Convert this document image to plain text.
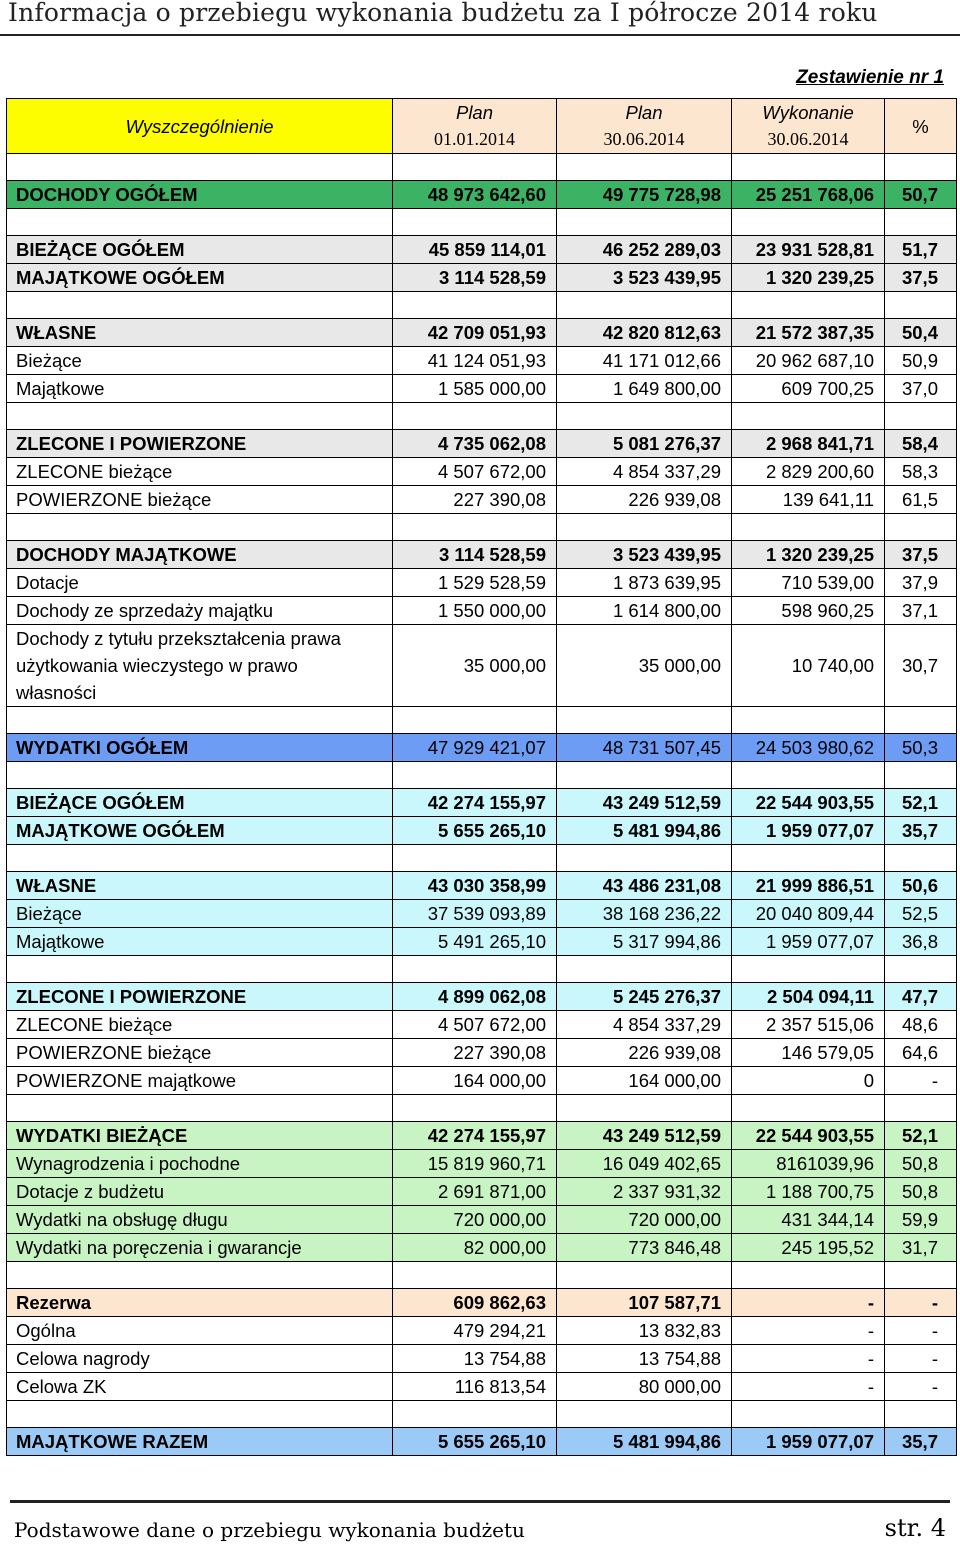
Informacja o przebiegu wykonania budżetu za I półrocze 2014 roku
Zestawienie nr 1
Wyszczególnienie	Plan	Plan	Wykonanie	%
	01.01.2014	30.06.2014	30.06.2014	

DOCHODY OGÓŁEM	48 973 642,60	49 775 728,98	25 251 768,06	50,7

BIEŻĄCE OGÓŁEM	45 859 114,01	46 252 289,03	23 931 528,81	51,7
MAJĄTKOWE OGÓŁEM	3 114 528,59	3 523 439,95	1 320 239,25	37,5

WŁASNE	42 709 051,93	42 820 812,63	21 572 387,35	50,4
Bieżące	41 124 051,93	41 171 012,66	20 962 687,10	50,9
Majątkowe	1 585 000,00	1 649 800,00	609 700,25	37,0

ZLECONE I POWIERZONE	4 735 062,08	5 081 276,37	2 968 841,71	58,4
ZLECONE bieżące	4 507 672,00	4 854 337,29	2 829 200,60	58,3
POWIERZONE bieżące	227 390,08	226 939,08	139 641,11	61,5

DOCHODY MAJĄTKOWE	3 114 528,59	3 523 439,95	1 320 239,25	37,5
Dotacje	1 529 528,59	1 873 639,95	710 539,00	37,9
Dochody ze sprzedaży majątku	1 550 000,00	1 614 800,00	598 960,25	37,1
Dochody z tytułu przekształcenia prawa użytkowania wieczystego w prawo własności	35 000,00	35 000,00	10 740,00	30,7

WYDATKI OGÓŁEM	47 929 421,07	48 731 507,45	24 503 980,62	50,3

BIEŻĄCE OGÓŁEM	42 274 155,97	43 249 512,59	22 544 903,55	52,1
MAJĄTKOWE OGÓŁEM	5 655 265,10	5 481 994,86	1 959 077,07	35,7

WŁASNE	43 030 358,99	43 486 231,08	21 999 886,51	50,6
Bieżące	37 539 093,89	38 168 236,22	20 040 809,44	52,5
Majątkowe	5 491 265,10	5 317 994,86	1 959 077,07	36,8

ZLECONE I POWIERZONE	4 899 062,08	5 245 276,37	2 504 094,11	47,7
ZLECONE bieżące	4 507 672,00	4 854 337,29	2 357 515,06	48,6
POWIERZONE bieżące	227 390,08	226 939,08	146 579,05	64,6
POWIERZONE majątkowe	164 000,00	164 000,00	0	-

WYDATKI BIEŻĄCE	42 274 155,97	43 249 512,59	22 544 903,55	52,1
Wynagrodzenia i pochodne	15 819 960,71	16 049 402,65	8161039,96	50,8
Dotacje z budżetu	2 691 871,00	2 337 931,32	1 188 700,75	50,8
Wydatki na obsługę długu	720 000,00	720 000,00	431 344,14	59,9
Wydatki na poręczenia i gwarancje	82 000,00	773 846,48	245 195,52	31,7

Rezerwa	609 862,63	107 587,71	-	-
Ogólna	479 294,21	13 832,83	-	-
Celowa nagrody	13 754,88	13 754,88	-	-
Celowa ZK	116 813,54	80 000,00	-	-

MAJĄTKOWE RAZEM	5 655 265,10	5 481 994,86	1 959 077,07	35,7
Podstawowe dane o przebiegu wykonania budżetu	str. 4
